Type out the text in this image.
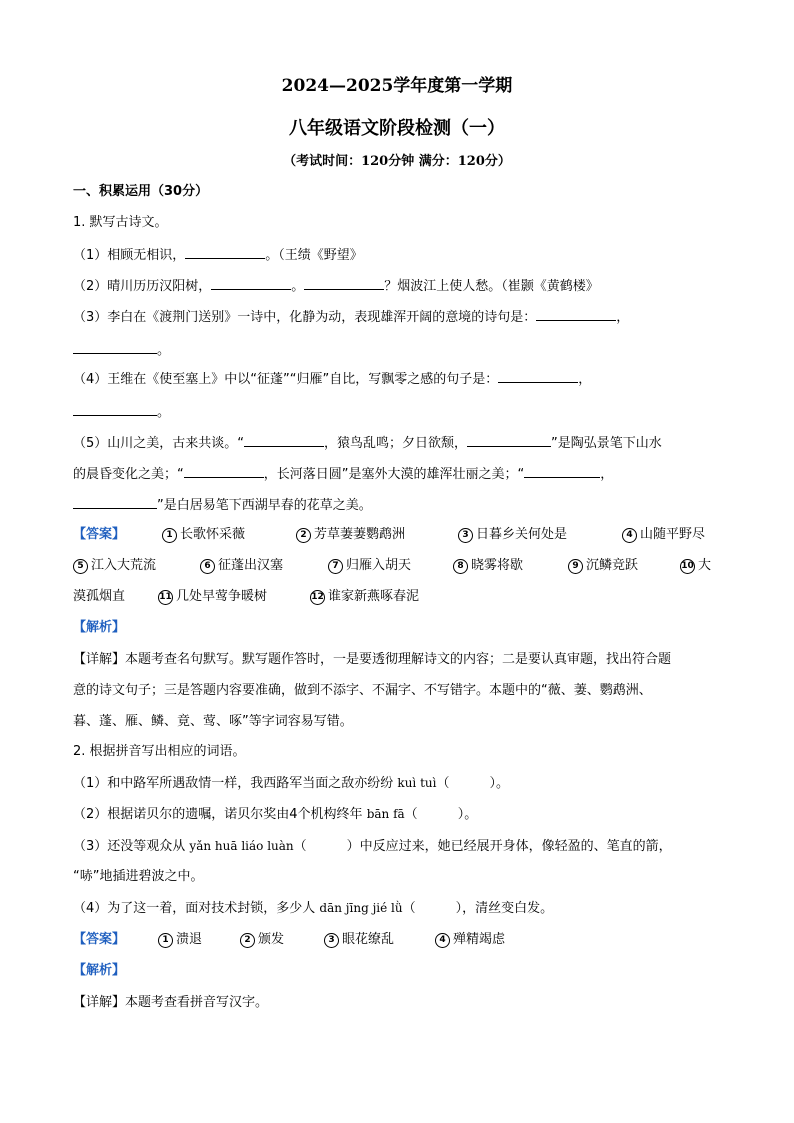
2024—2025学年度第一学期
八年级语文阶段检测（一）
（考试时间：120分钟 满分：120分）
一、积累运用（30分）
1. 默写古诗文。
（1）相顾无相识，	。（王绩《野望》
（2）晴川历历汉阳树，	。	？烟波江上使人愁。（崔颢《黄鹤楼》
（3）李白在《渡荆门送别》一诗中，化静为动，表现雄浑开阔的意境的诗句是：	，
。
（4）王维在《使至塞上》中以“征蓬”“归雁”自比，写飘零之感的句子是：	，
。
（5）山川之美，古来共谈。“	，猿鸟乱鸣；夕日欲颓，	”是陶弘景笔下山水
的晨昏变化之美；“	，长河落日圆”是塞外大漠的雄浑壮丽之美；“	，
”是白居易笔下西湖早春的花草之美。
【答案】	1 长歌怀采薇	2 芳草萋萋鹦鹉洲	3 日暮乡关何处是	4 山随平野尽
5 江入大荒流	6 征蓬出汉塞	7 归雁入胡天	8 晓雾将歇	9 沉鳞竞跃	10 大
漠孤烟直	11 几处早莺争暖树	12 谁家新燕啄春泥
【解析】
【详解】本题考查名句默写。默写题作答时，一是要透彻理解诗文的内容；二是要认真审题，找出符合题
意的诗文句子；三是答题内容要准确，做到不添字、不漏字、不写错字。本题中的“薇、萋、鹦鹉洲、
暮、蓬、雁、鳞、竟、莺、啄”等字词容易写错。
2. 根据拼音写出相应的词语。
（1）和中路军所遇敌情一样，我西路军当面之敌亦纷纷 kuì tuì（	）。
（2）根据诺贝尔的遗嘱，诺贝尔奖由4个机构终年 bān fā（	）。
（3）还没等观众从 yǎn huā liáo luàn（	）中反应过来，她已经展开身体，像轻盈的、笔直的箭，
“哧”地插进碧波之中。
（4）为了这一着，面对技术封锁，多少人 dān jīng jié lǜ（	），清丝变白发。
【答案】	1 溃退	2 颁发	3 眼花缭乱	4 殚精竭虑
【解析】
【详解】本题考查看拼音写汉字。
